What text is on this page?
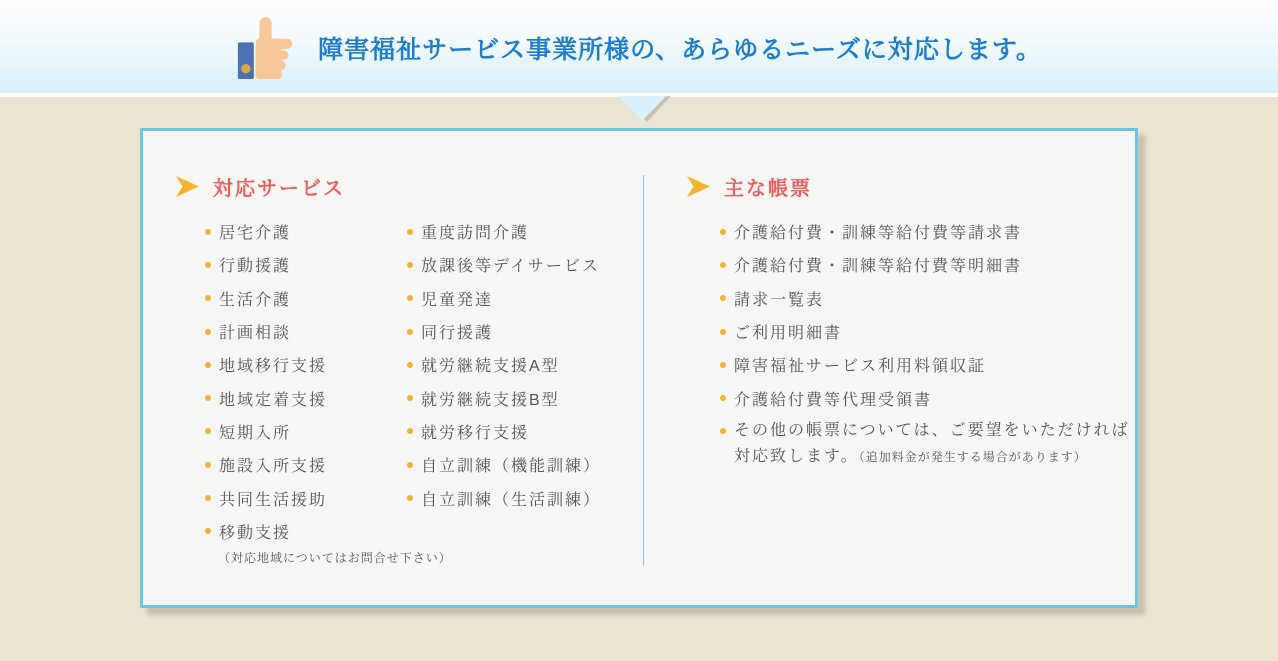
障害福祉サービス事業所様の、あらゆるニーズに対応します。
対応サービス
居宅介護
行動援護
生活介護
計画相談
地域移行支援
地域定着支援
短期入所
施設入所支援
共同生活援助
移動支援
（対応地域についてはお問合せ下さい）
重度訪問介護
放課後等デイサービス
児童発達
同行援護
就労継続支援A型
就労継続支援B型
就労移行支援
自立訓練（機能訓練）
自立訓練（生活訓練）
主な帳票
介護給付費・訓練等給付費等請求書
介護給付費・訓練等給付費等明細書
請求一覧表
ご利用明細書
障害福祉サービス利用料領収証
介護給付費等代理受領書
その他の帳票については、ご要望をいただければ
対応致します。（追加料金が発生する場合があります）
